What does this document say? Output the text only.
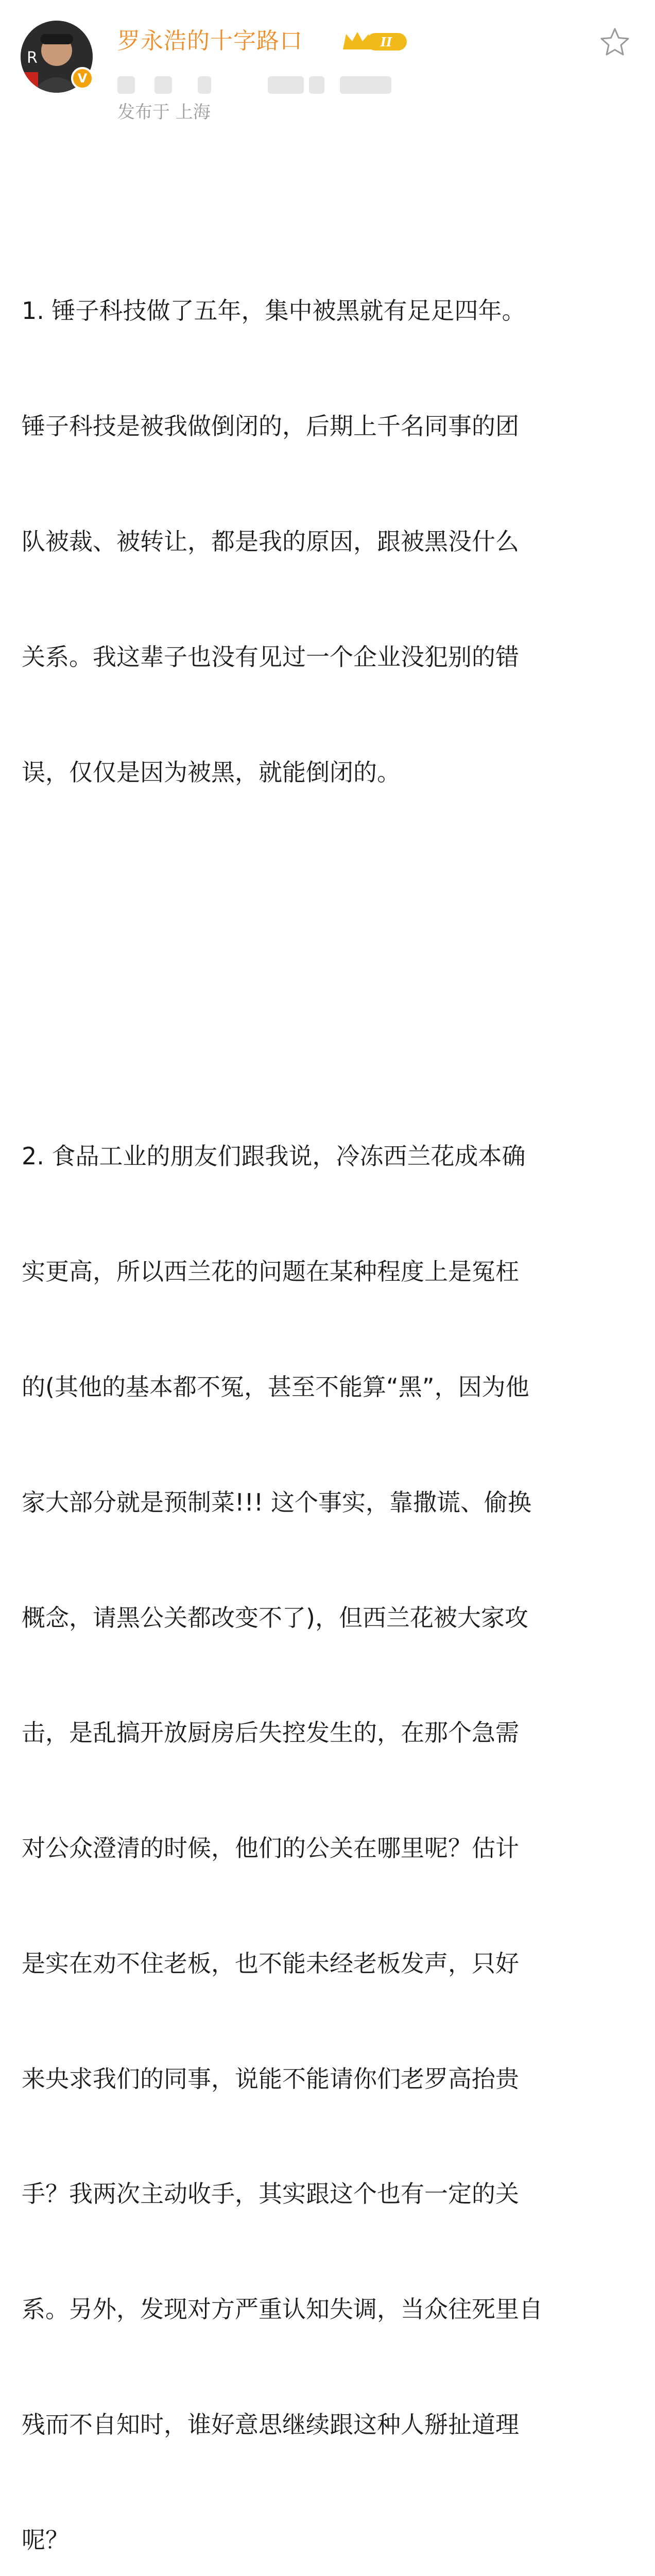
R
V
罗永浩的十字路口	II
发布于 上海

1. 锤子科技做了五年，集中被黑就有足足四年。

锤子科技是被我做倒闭的，后期上千名同事的团

队被裁、被转让，都是我的原因，跟被黑没什么

关系。我这辈子也没有见过一个企业没犯别的错

误，仅仅是因为被黑，就能倒闭的。

2. 食品工业的朋友们跟我说，冷冻西兰花成本确

实更高，所以西兰花的问题在某种程度上是冤枉

的(其他的基本都不冤，甚至不能算“黑”，因为他

家大部分就是预制菜!!! 这个事实，靠撒谎、偷换

概念，请黑公关都改变不了)，但西兰花被大家攻

击，是乱搞开放厨房后失控发生的，在那个急需

对公众澄清的时候，他们的公关在哪里呢？估计

是实在劝不住老板，也不能未经老板发声，只好

来央求我们的同事，说能不能请你们老罗高抬贵

手？我两次主动收手，其实跟这个也有一定的关

系。另外，发现对方严重认知失调，当众往死里自

残而不自知时，谁好意思继续跟这种人掰扯道理

呢？
